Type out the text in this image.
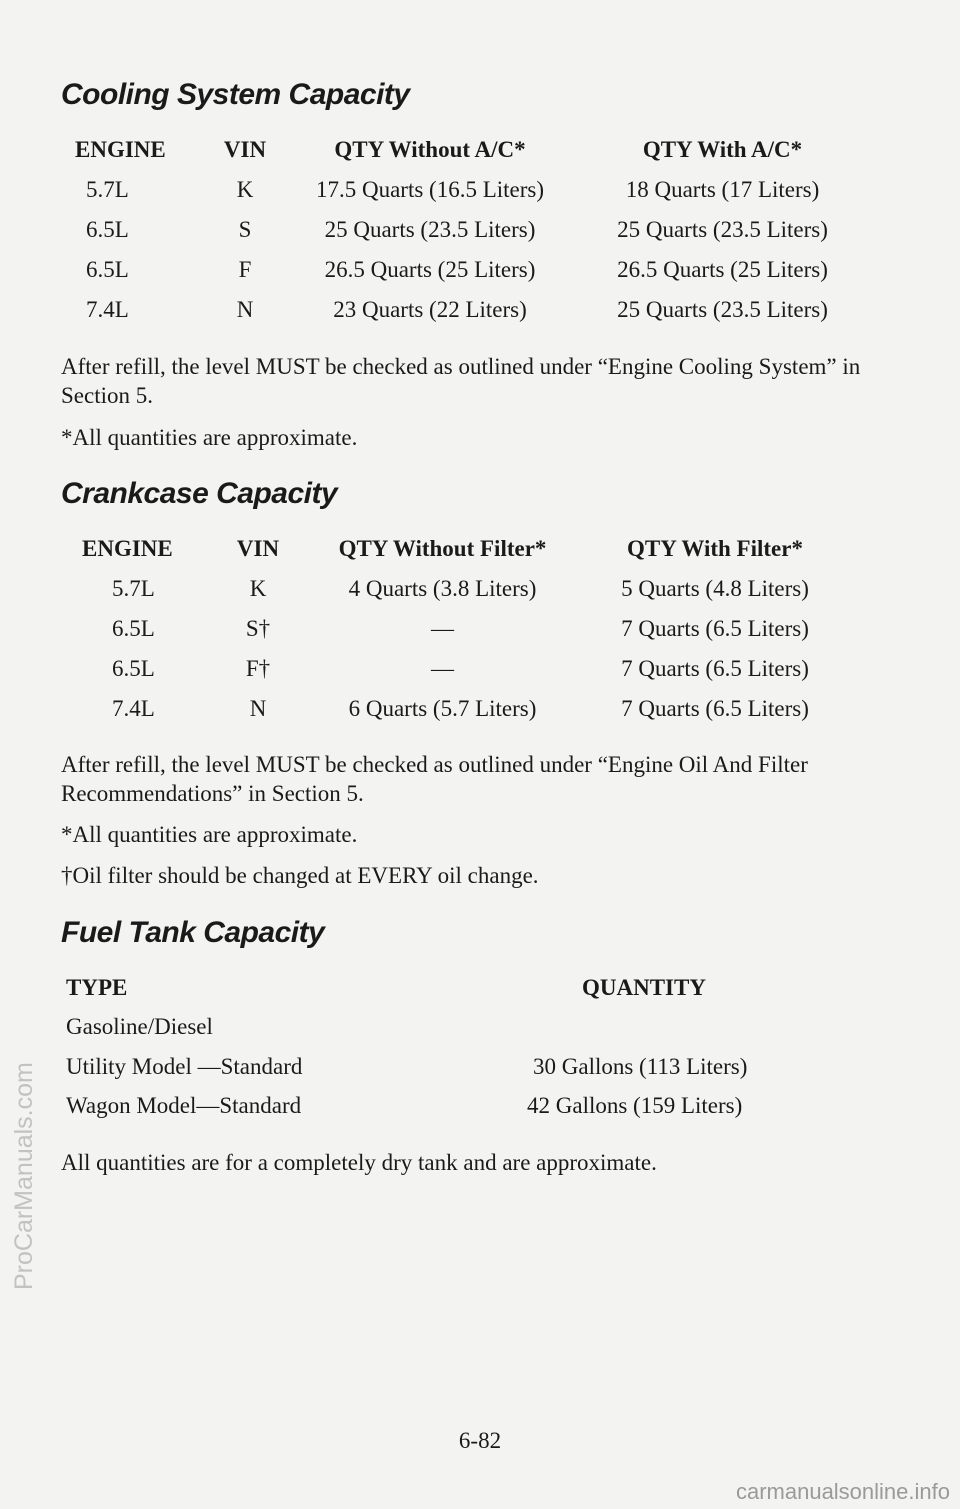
Cooling System Capacity
ENGINE	VIN	QTY Without A/C*	QTY With A/C*
5.7L	K	17.5 Quarts (16.5 Liters)	18 Quarts (17 Liters)
6.5L	S	25 Quarts (23.5 Liters)	25 Quarts (23.5 Liters)
6.5L	F	26.5 Quarts (25 Liters)	26.5 Quarts (25 Liters)
7.4L	N	23 Quarts (22 Liters)	25 Quarts (23.5 Liters)

After refill, the level MUST be checked as outlined under “Engine Cooling System” in Section 5.

*All quantities are approximate.

Crankcase Capacity
ENGINE	VIN	QTY Without Filter*	QTY With Filter*
5.7L	K	4 Quarts (3.8 Liters)	5 Quarts (4.8 Liters)
6.5L	S†	—	7 Quarts (6.5 Liters)
6.5L	F†	—	7 Quarts (6.5 Liters)
7.4L	N	6 Quarts (5.7 Liters)	7 Quarts (6.5 Liters)

After refill, the level MUST be checked as outlined under “Engine Oil And Filter Recommendations” in Section 5.

*All quantities are approximate.

†Oil filter should be changed at EVERY oil change.

Fuel Tank Capacity
TYPE	QUANTITY
Gasoline/Diesel
Utility Model —Standard	30 Gallons (113 Liters)
Wagon Model—Standard	42 Gallons (159 Liters)

All quantities are for a completely dry tank and are approximate.

6-82
ProCarManuals.com
carmanualsonline.info
